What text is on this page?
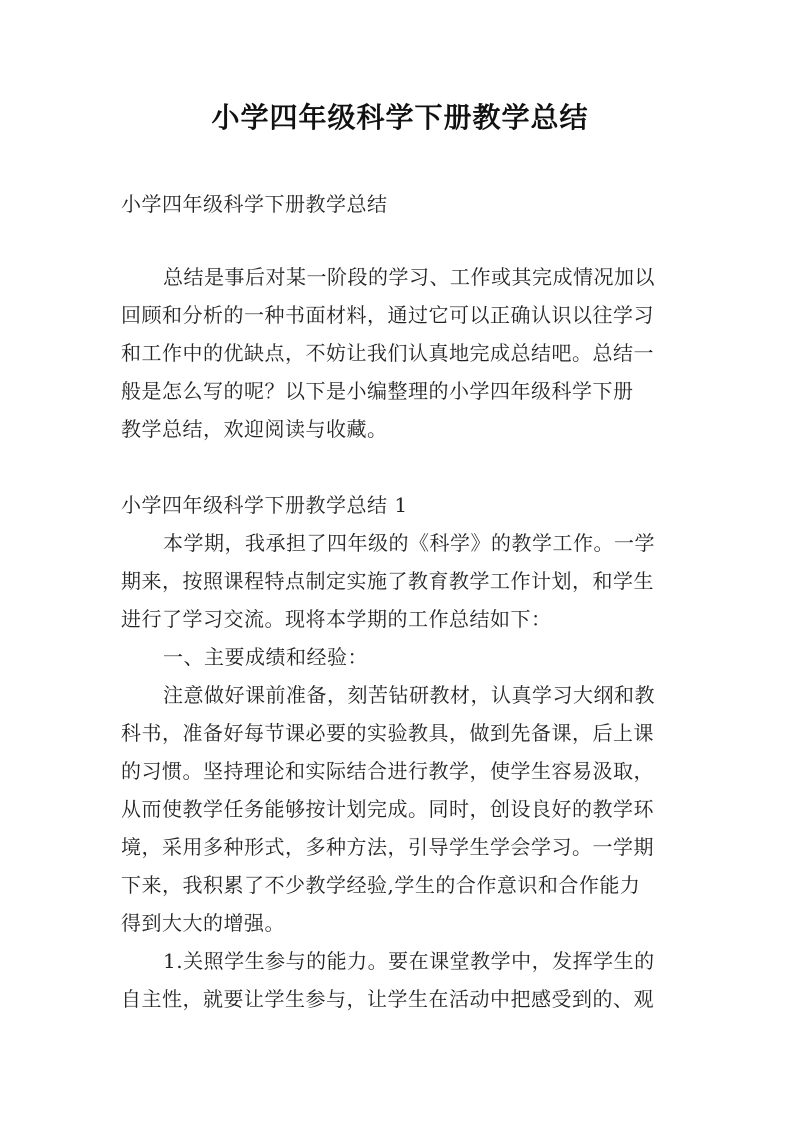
小学四年级科学下册教学总结
小学四年级科学下册教学总结
总结是事后对某一阶段的学习、工作或其完成情况加以
回顾和分析的一种书面材料，通过它可以正确认识以往学习
和工作中的优缺点，不妨让我们认真地完成总结吧。总结一
般是怎么写的呢？以下是小编整理的小学四年级科学下册
教学总结，欢迎阅读与收藏。
小学四年级科学下册教学总结 1
本学期，我承担了四年级的《科学》的教学工作。一学
期来，按照课程特点制定实施了教育教学工作计划，和学生
进行了学习交流。现将本学期的工作总结如下：
一、主要成绩和经验：
注意做好课前准备，刻苦钻研教材，认真学习大纲和教
科书，准备好每节课必要的实验教具，做到先备课，后上课
的习惯。坚持理论和实际结合进行教学，使学生容易汲取，
从而使教学任务能够按计划完成。同时，创设良好的教学环
境，采用多种形式，多种方法，引导学生学会学习。一学期
下来，我积累了不少教学经验,学生的合作意识和合作能力
得到大大的增强。
1.关照学生参与的能力。要在课堂教学中，发挥学生的
自主性，就要让学生参与，让学生在活动中把感受到的、观
